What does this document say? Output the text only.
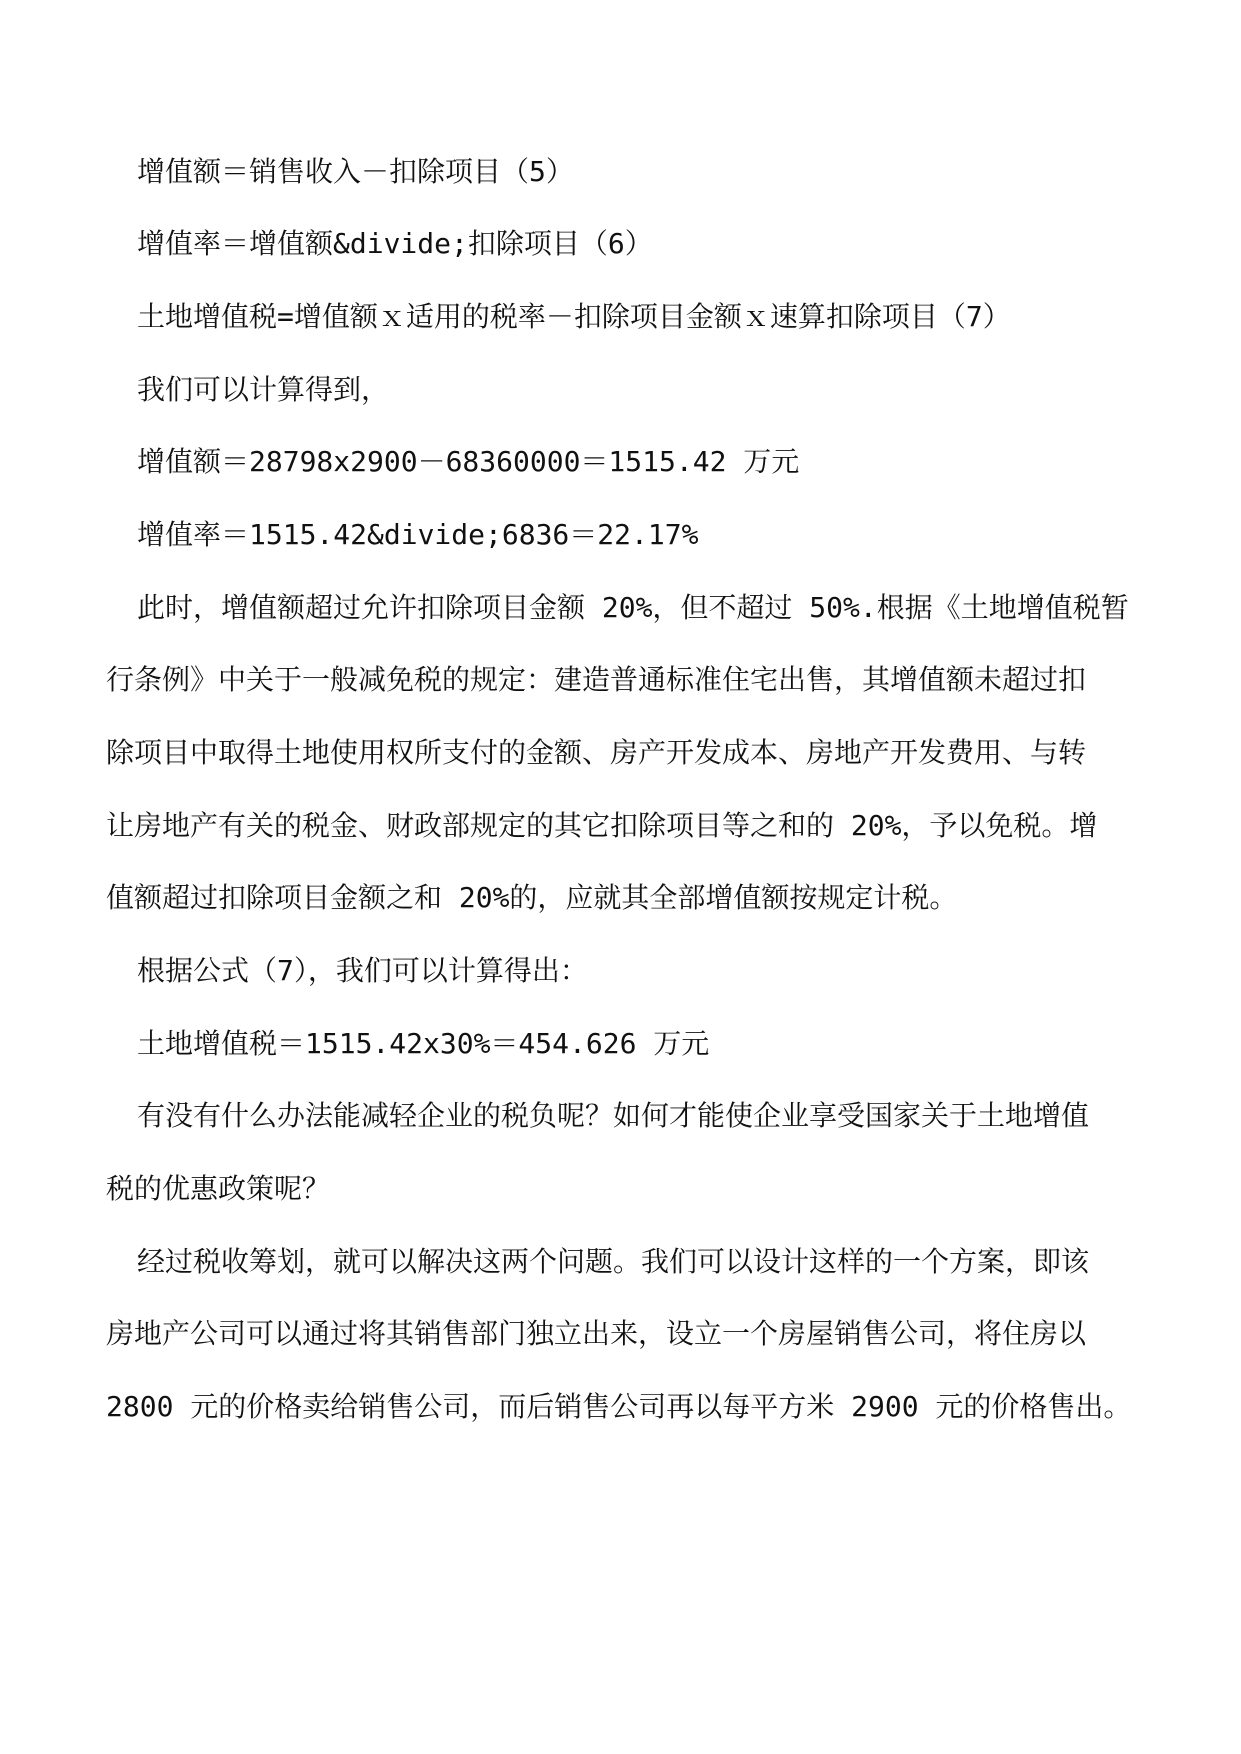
增值额＝销售收入－扣除项目（5）

增值率＝增值额&divide;扣除项目（6）

土地增值税=增值额ｘ适用的税率－扣除项目金额ｘ速算扣除项目（7）

我们可以计算得到，

增值额＝28798x2900－68360000＝1515.42 万元

增值率＝1515.42&divide;6836＝22.17%

此时，增值额超过允许扣除项目金额 20%，但不超过 50%.根据《土地增值税暂

行条例》中关于一般减免税的规定：建造普通标准住宅出售，其增值额未超过扣

除项目中取得土地使用权所支付的金额、房产开发成本、房地产开发费用、与转

让房地产有关的税金、财政部规定的其它扣除项目等之和的 20%，予以免税。增

值额超过扣除项目金额之和 20%的，应就其全部增值额按规定计税。

根据公式（7），我们可以计算得出：

土地增值税＝1515.42x30%＝454.626 万元

有没有什么办法能减轻企业的税负呢？如何才能使企业享受国家关于土地增值

税的优惠政策呢？

经过税收筹划，就可以解决这两个问题。我们可以设计这样的一个方案，即该

房地产公司可以通过将其销售部门独立出来，设立一个房屋销售公司，将住房以

2800 元的价格卖给销售公司，而后销售公司再以每平方米 2900 元的价格售出。
